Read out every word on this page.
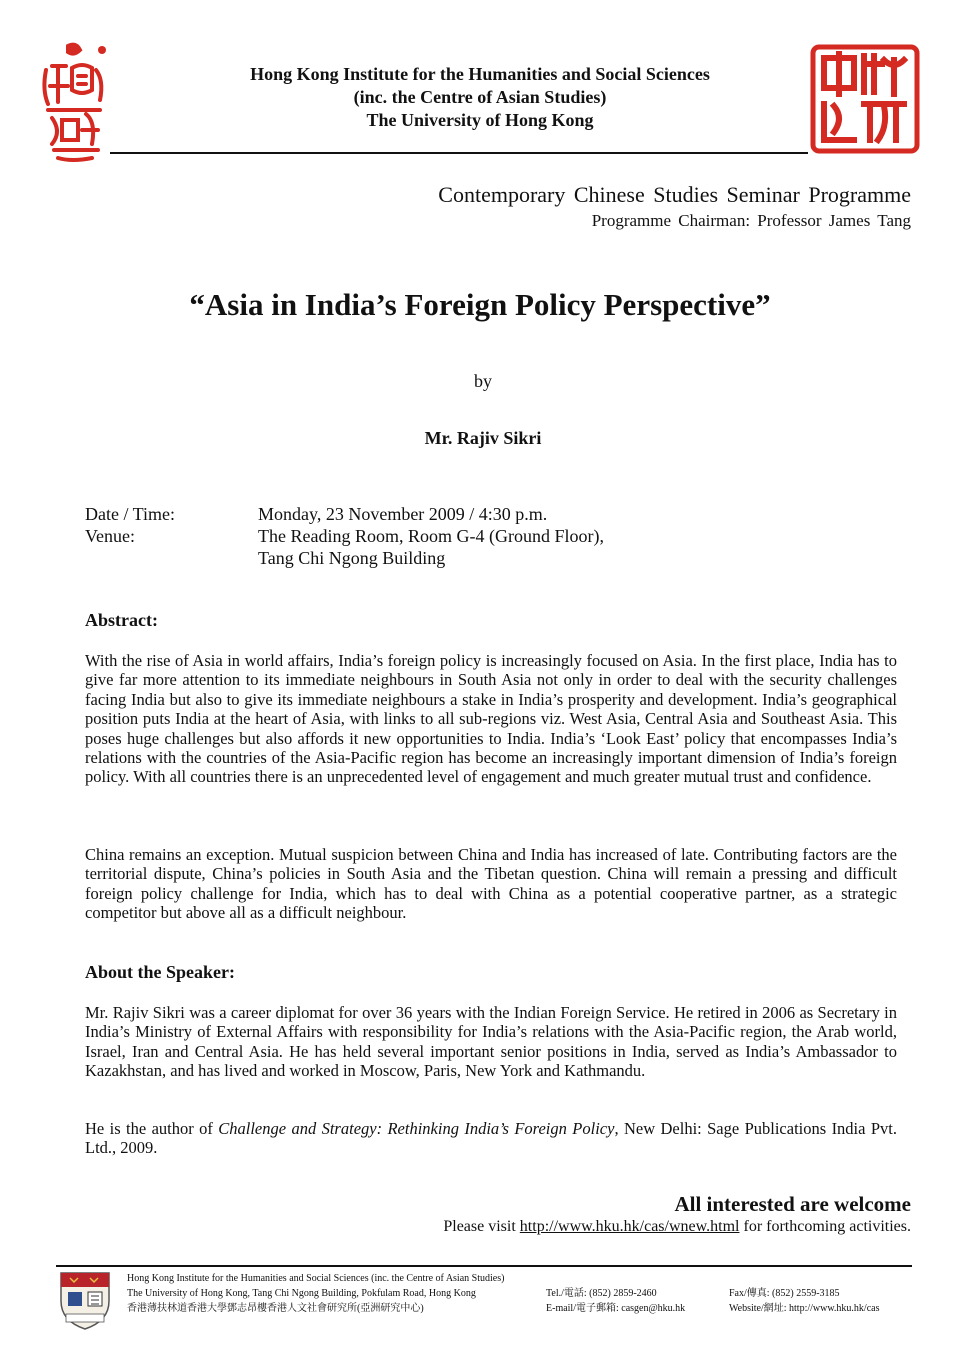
Hong Kong Institute for the Humanities and Social Sciences
(inc. the Centre of Asian Studies)
The University of Hong Kong
Contemporary Chinese Studies Seminar Programme
Programme Chairman: Professor James Tang
“Asia in India’s Foreign Policy Perspective”
by
Mr. Rajiv Sikri
Date / Time:	Monday, 23 November 2009 / 4:30 p.m.
Venue:	The Reading Room, Room G-4 (Ground Floor),
Tang Chi Ngong Building
Abstract:
With the rise of Asia in world affairs, India’s foreign policy is increasingly focused on Asia. In the first place, India has to give far more attention to its immediate neighbours in South Asia not only in order to deal with the security challenges facing India but also to give its immediate neighbours a stake in India’s prosperity and development. India’s geographical position puts India at the heart of Asia, with links to all sub-regions viz. West Asia, Central Asia and Southeast Asia. This poses huge challenges but also affords it new opportunities to India. India’s ‘Look East’ policy that encompasses India’s relations with the countries of the Asia-Pacific region has become an increasingly important dimension of India’s foreign policy. With all countries there is an unprecedented level of engagement and much greater mutual trust and confidence.
China remains an exception. Mutual suspicion between China and India has increased of late. Contributing factors are the territorial dispute, China’s policies in South Asia and the Tibetan question. China will remain a pressing and difficult foreign policy challenge for India, which has to deal with China as a potential cooperative partner, as a strategic competitor but above all as a difficult neighbour.
About the Speaker:
Mr. Rajiv Sikri was a career diplomat for over 36 years with the Indian Foreign Service. He retired in 2006 as Secretary in India’s Ministry of External Affairs with responsibility for India’s relations with the Asia-Pacific region, the Arab world, Israel, Iran and Central Asia. He has held several important senior positions in India, served as India’s Ambassador to Kazakhstan, and has lived and worked in Moscow, Paris, New York and Kathmandu.
He is the author of Challenge and Strategy: Rethinking India’s Foreign Policy, New Delhi: Sage Publications India Pvt. Ltd., 2009.
All interested are welcome
Please visit http://www.hku.hk/cas/wnew.html for forthcoming activities.
Hong Kong Institute for the Humanities and Social Sciences (inc. the Centre of Asian Studies)
The University of Hong Kong, Tang Chi Ngong Building, Pokfulam Road, Hong Kong
香港薄扶林道香港大學鄧志昂樓香港人文社會研究所(亞洲研究中心)
Tel./電話: (852) 2859-2460
E-mail/電子郵箱: casgen@hku.hk
Fax/傳真: (852) 2559-3185
Website/網址: http://www.hku.hk/cas
